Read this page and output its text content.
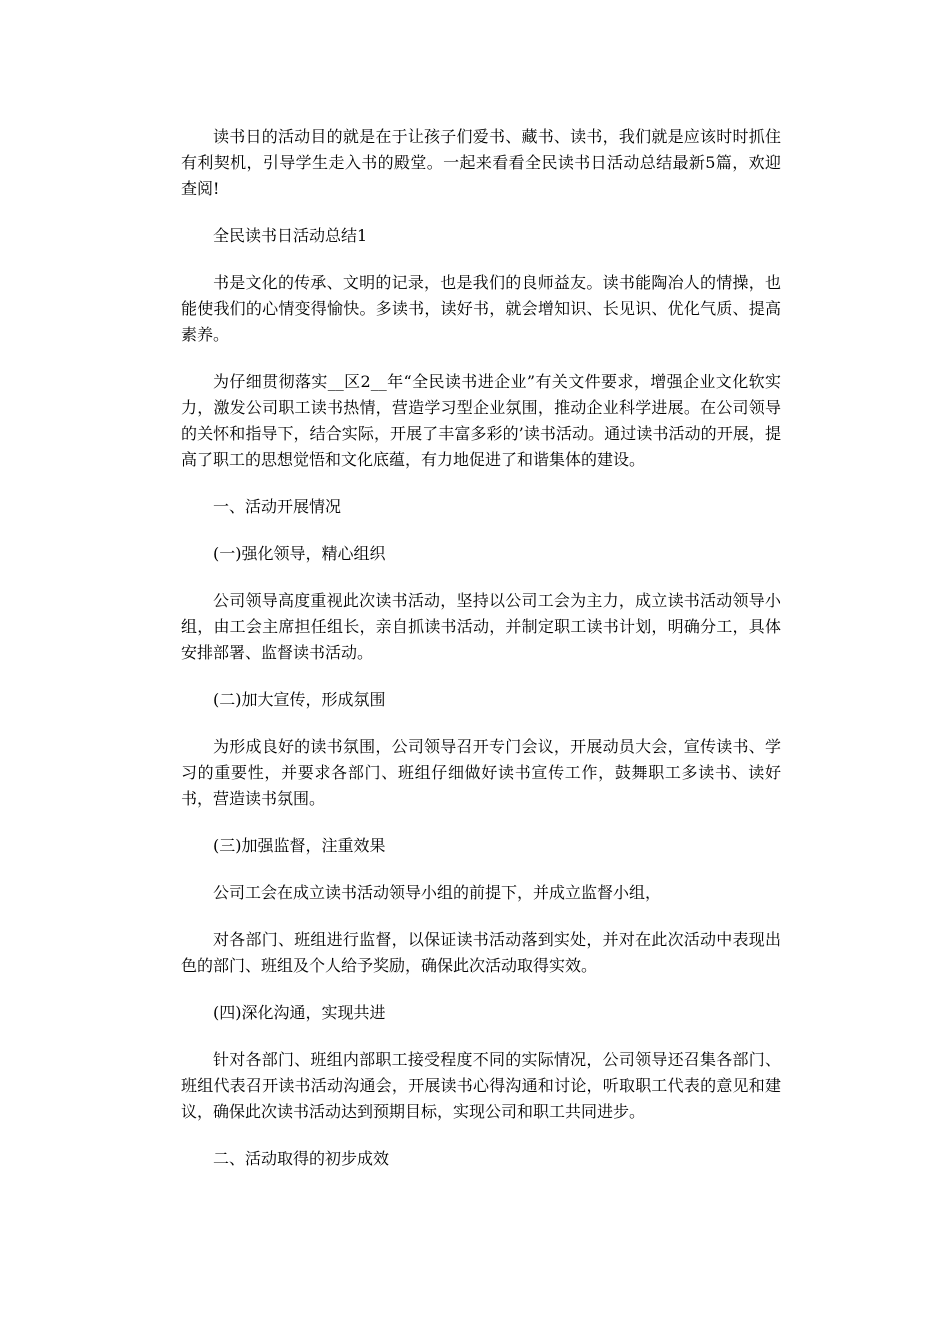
读书日的活动目的就是在于让孩子们爱书、藏书、读书，我们就是应该时时抓住有利契机，引导学生走入书的殿堂。一起来看看全民读书日活动总结最新5篇，欢迎查阅!

全民读书日活动总结1

书是文化的传承、文明的记录，也是我们的良师益友。读书能陶冶人的情操，也能使我们的心情变得愉快。多读书，读好书，就会增知识、长见识、优化气质、提高素养。

为仔细贯彻落实__区2__年“全民读书进企业”有关文件要求，增强企业文化软实力，激发公司职工读书热情，营造学习型企业氛围，推动企业科学进展。在公司领导的关怀和指导下，结合实际，开展了丰富多彩的’读书活动。通过读书活动的开展，提高了职工的思想觉悟和文化底蕴，有力地促进了和谐集体的建设。

一、活动开展情况

(一)强化领导，精心组织

公司领导高度重视此次读书活动，坚持以公司工会为主力，成立读书活动领导小组，由工会主席担任组长，亲自抓读书活动，并制定职工读书计划，明确分工，具体安排部署、监督读书活动。

(二)加大宣传，形成氛围

为形成良好的读书氛围，公司领导召开专门会议，开展动员大会，宣传读书、学习的重要性，并要求各部门、班组仔细做好读书宣传工作，鼓舞职工多读书、读好书，营造读书氛围。

(三)加强监督，注重效果

公司工会在成立读书活动领导小组的前提下，并成立监督小组，

对各部门、班组进行监督，以保证读书活动落到实处，并对在此次活动中表现出色的部门、班组及个人给予奖励，确保此次活动取得实效。

(四)深化沟通，实现共进

针对各部门、班组内部职工接受程度不同的实际情况，公司领导还召集各部门、班组代表召开读书活动沟通会，开展读书心得沟通和讨论，听取职工代表的意见和建议，确保此次读书活动达到预期目标，实现公司和职工共同进步。

二、活动取得的初步成效
